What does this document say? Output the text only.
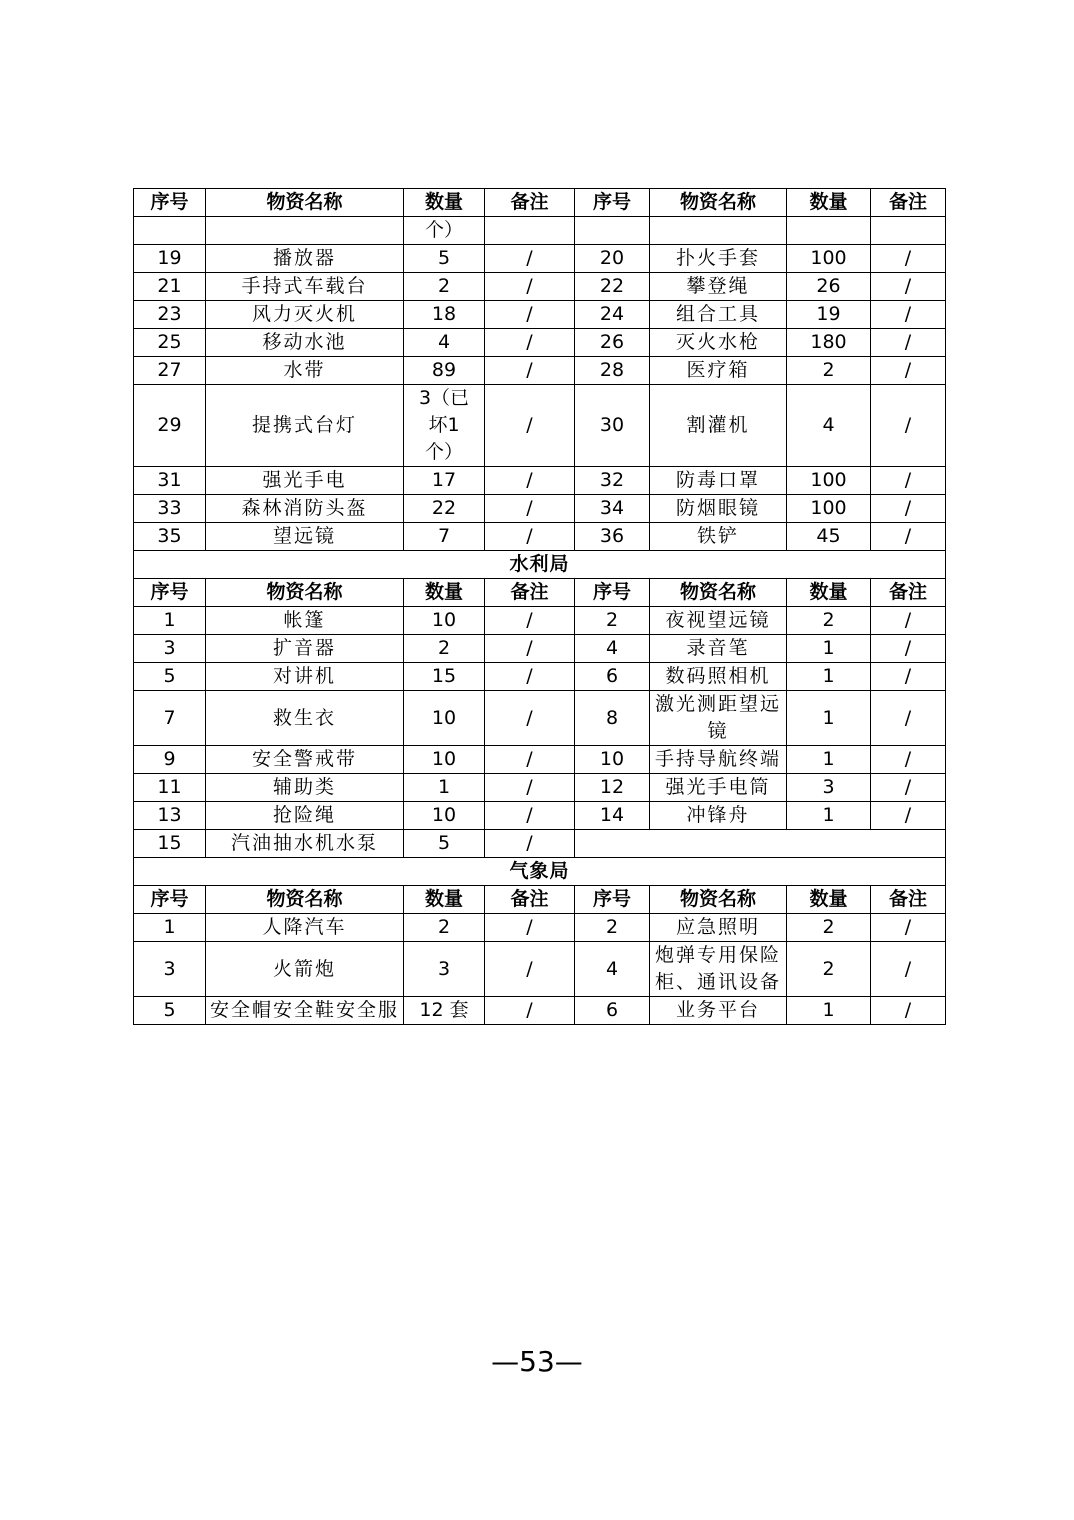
序号	物资名称	数量	备注	序号	物资名称	数量	备注
		个）					
19	播放器	5	/	20	扑火手套	100	/
21	手持式车载台	2	/	22	攀登绳	26	/
23	风力灭火机	18	/	24	组合工具	19	/
25	移动水池	4	/	26	灭火水枪	180	/
27	水带	89	/	28	医疗箱	2	/
29	提携式台灯	3（已坏1个）	/	30	割灌机	4	/
31	强光手电	17	/	32	防毒口罩	100	/
33	森林消防头盔	22	/	34	防烟眼镜	100	/
35	望远镜	7	/	36	铁铲	45	/
水利局							
序号	物资名称	数量	备注	序号	物资名称	数量	备注
1	帐篷	10	/	2	夜视望远镜	2	/
3	扩音器	2	/	4	录音笔	1	/
5	对讲机	15	/	6	数码照相机	1	/
7	救生衣	10	/	8	激光测距望远镜	1	/
9	安全警戒带	10	/	10	手持导航终端	1	/
11	辅助类	1	/	12	强光手电筒	3	/
13	抢险绳	10	/	14	冲锋舟	1	/
15	汽油抽水机水泵	5	/				
气象局							
序号	物资名称	数量	备注	序号	物资名称	数量	备注
1	人降汽车	2	/	2	应急照明	2	/
3	火箭炮	3	/	4	炮弹专用保险柜、通讯设备	2	/
5	安全帽安全鞋安全服	12 套	/	6	业务平台	1	/
—53—
